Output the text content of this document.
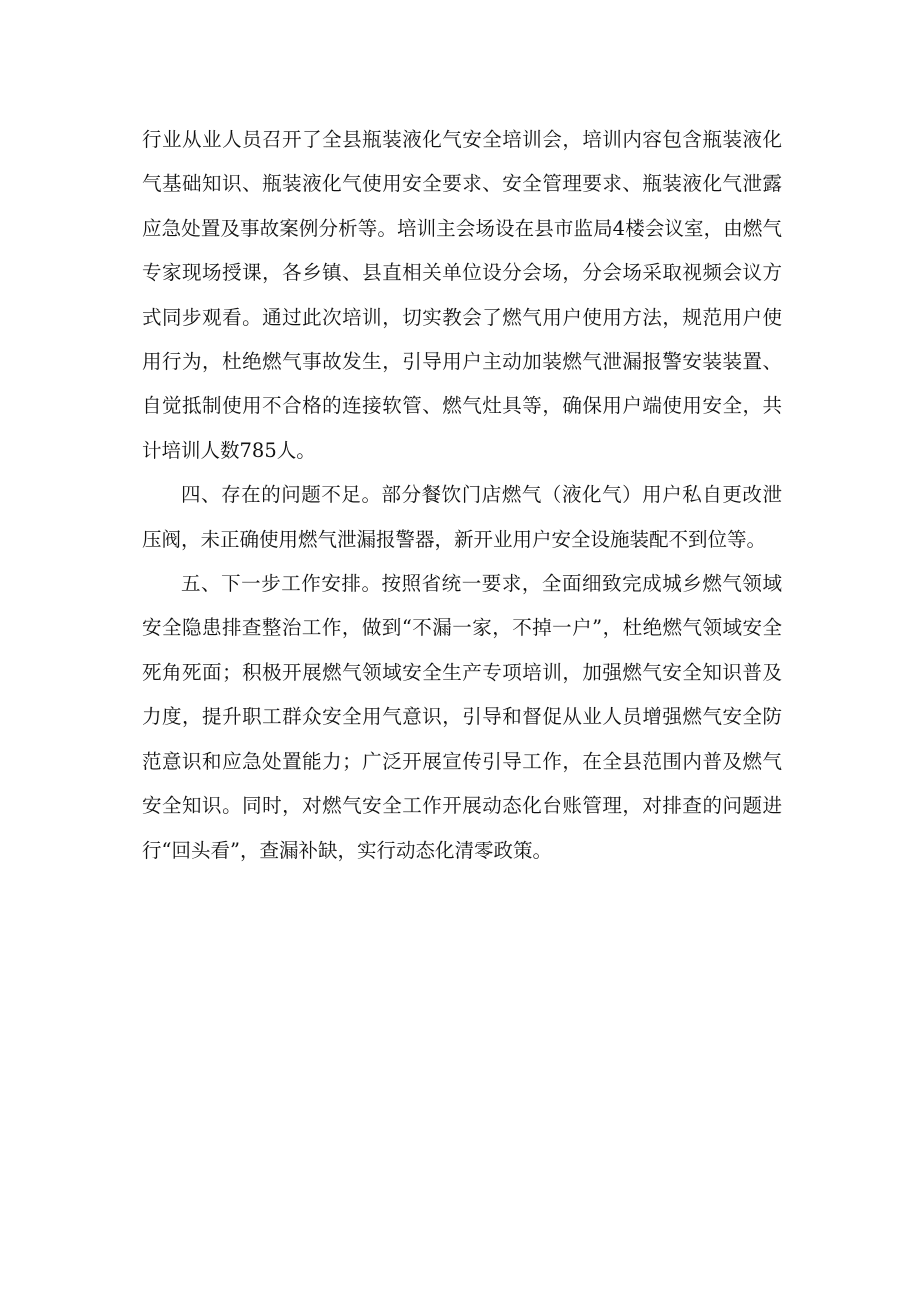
行业从业人员召开了全县瓶装液化气安全培训会，培训内容包含瓶装液化气基础知识、瓶装液化气使用安全要求、安全管理要求、瓶装液化气泄露应急处置及事故案例分析等。培训主会场设在县市监局4楼会议室，由燃气专家现场授课，各乡镇、县直相关单位设分会场，分会场采取视频会议方式同步观看。通过此次培训，切实教会了燃气用户使用方法，规范用户使用行为，杜绝燃气事故发生，引导用户主动加装燃气泄漏报警安装装置、自觉抵制使用不合格的连接软管、燃气灶具等，确保用户端使用安全，共计培训人数785人。

四、存在的问题不足。部分餐饮门店燃气（液化气）用户私自更改泄压阀，未正确使用燃气泄漏报警器，新开业用户安全设施装配不到位等。

五、下一步工作安排。按照省统一要求，全面细致完成城乡燃气领域安全隐患排查整治工作，做到“不漏一家，不掉一户”，杜绝燃气领域安全死角死面；积极开展燃气领域安全生产专项培训，加强燃气安全知识普及力度，提升职工群众安全用气意识，引导和督促从业人员增强燃气安全防范意识和应急处置能力；广泛开展宣传引导工作，在全县范围内普及燃气安全知识。同时，对燃气安全工作开展动态化台账管理，对排查的问题进行“回头看”，查漏补缺，实行动态化清零政策。
